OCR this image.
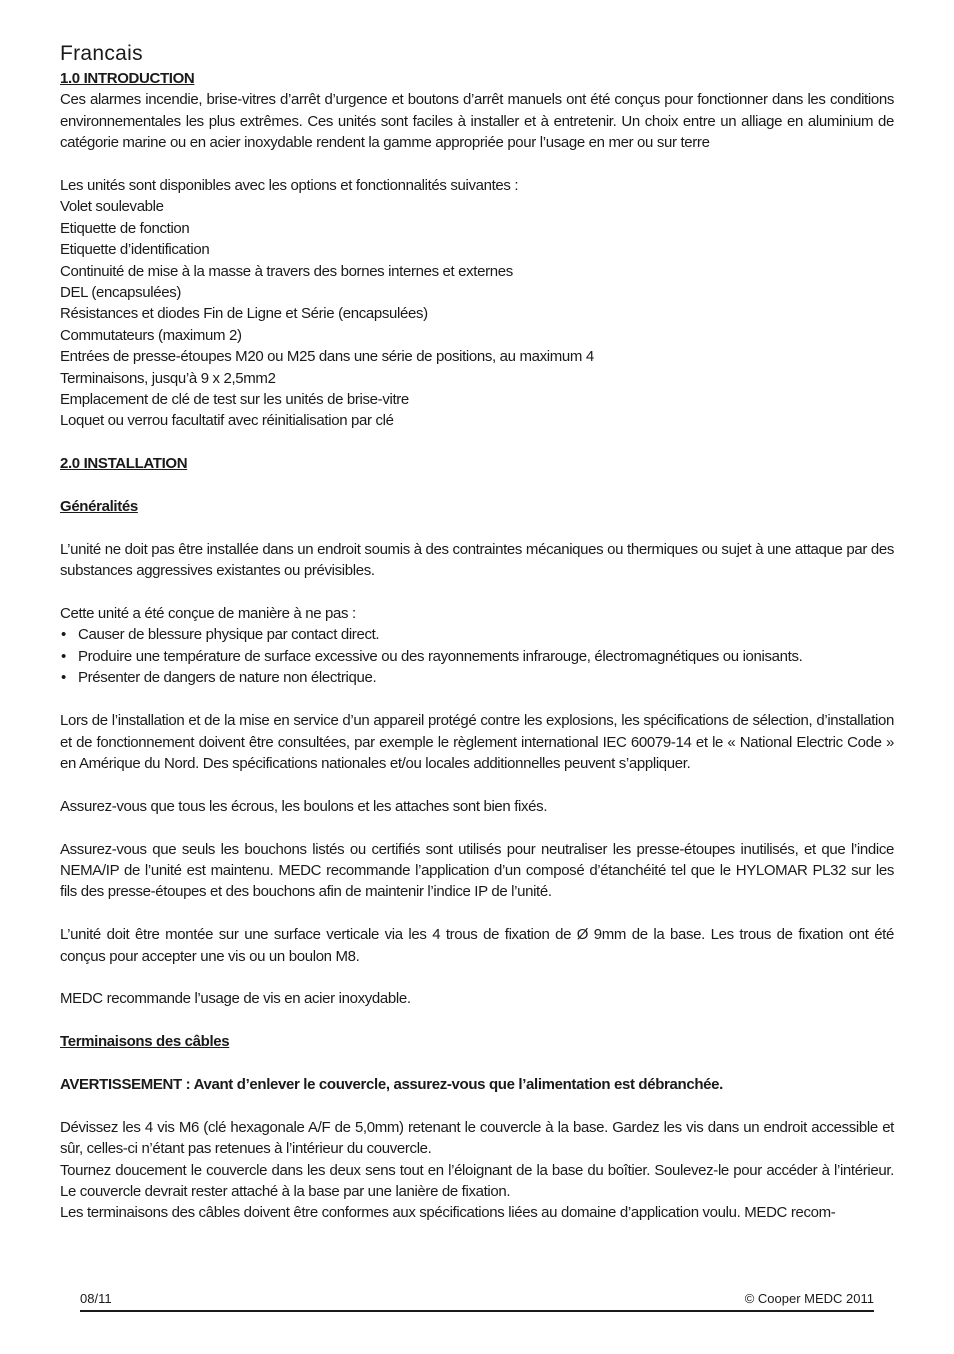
Francais

1.0 INTRODUCTION

Ces alarmes incendie, brise-vitres d’arrêt d’urgence et boutons d’arrêt manuels ont été conçus pour fonctionner dans les conditions environnementales les plus extrêmes. Ces unités sont faciles à installer et à entretenir. Un choix entre un alliage en aluminium de catégorie marine ou en acier inoxydable rendent la gamme appropriée pour l’usage en mer ou sur terre

Les unités sont disponibles avec les options et fonctionnalités suivantes :

Volet soulevable

Etiquette de fonction

Etiquette d’identification

Continuité de mise à la masse à travers des bornes internes et externes

DEL (encapsulées)

Résistances et diodes Fin de Ligne et Série (encapsulées)

Commutateurs (maximum 2)

Entrées de presse-étoupes M20 ou M25 dans une série de positions, au maximum 4

Terminaisons, jusqu’à 9 x 2,5mm2

Emplacement de clé de test sur les unités de brise-vitre

Loquet ou verrou facultatif avec réinitialisation par clé

2.0 INSTALLATION

Généralités

L’unité ne doit pas être installée dans un endroit soumis à des contraintes mécaniques ou thermiques ou sujet à une attaque par des substances aggressives existantes ou prévisibles.

Cette unité a été conçue de manière à ne pas :

• Causer de blessure physique par contact direct.
• Produire une température de surface excessive ou des rayonnements infrarouge, électromagnétiques ou ionisants.
• Présenter de dangers de nature non électrique.

Lors de l’installation et de la mise en service d’un appareil protégé contre les explosions, les spécifications de sélection, d’installation et de fonctionnement doivent être consultées, par exemple le règlement international IEC 60079-14 et le « National Electric Code » en Amérique du Nord. Des spécifications nationales et/ou locales additionnelles peuvent s’appliquer.

Assurez-vous que tous les écrous, les boulons et les attaches sont bien fixés.

Assurez-vous que seuls les bouchons listés ou certifiés sont utilisés pour neutraliser les presse-étoupes inutilisés, et que l’indice NEMA/IP de l’unité est maintenu. MEDC recommande l’application d’un composé d’étanchéité tel que le HYLOMAR PL32 sur les fils des presse-étoupes et des bouchons afin de maintenir l’indice IP de l’unité.

L’unité doit être montée sur une surface verticale via les 4 trous de fixation de Ø 9mm de la base. Les trous de fixation ont été conçus pour accepter une vis ou un boulon M8.

MEDC recommande l’usage de vis en acier inoxydable.

Terminaisons des câbles

AVERTISSEMENT : Avant d’enlever le couvercle, assurez-vous que l’alimentation est débranchée.

Dévissez les 4 vis M6 (clé hexagonale A/F de 5,0mm) retenant le couvercle à la base. Gardez les vis dans un endroit accessible et sûr, celles-ci n’étant pas retenues à l’intérieur du couvercle.

Tournez doucement le couvercle dans les deux sens tout en l’éloignant de la base du boîtier. Soulevez-le pour accéder à l’intérieur. Le couvercle devrait rester attaché à la base par une lanière de fixation.

Les terminaisons des câbles doivent être conformes aux spécifications liées au domaine d’application voulu. MEDC recom-

08/11	© Cooper MEDC 2011
